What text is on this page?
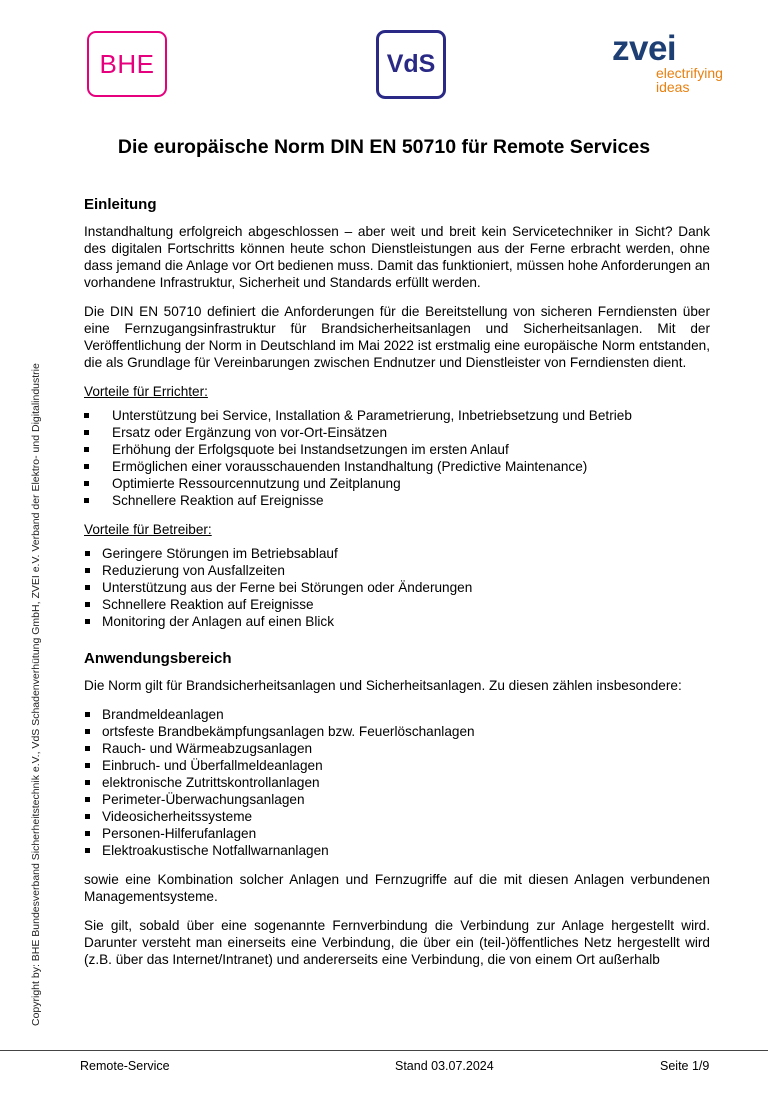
BHE	VdS	zvei
electrifying
ideas
Copyright by: BHE Bundesverband Sicherheitstechnik e.V., VdS Schadenverhütung GmbH, ZVEI e.V. Verband der Elektro- und Digitalindustrie
Die europäische Norm DIN EN 50710 für Remote Services
Einleitung

Instandhaltung erfolgreich abgeschlossen – aber weit und breit kein Servicetechniker in Sicht? Dank des digitalen Fortschritts können heute schon Dienstleistungen aus der Ferne erbracht werden, ohne dass jemand die Anlage vor Ort bedienen muss. Damit das funktioniert, müssen hohe Anforderungen an vorhandene Infrastruktur, Sicherheit und Standards erfüllt werden.

Die DIN EN 50710 definiert die Anforderungen für die Bereitstellung von sicheren Ferndiensten über eine Fernzugangsinfrastruktur für Brandsicherheitsanlagen und Sicherheitsanlagen. Mit der Veröffentlichung der Norm in Deutschland im Mai 2022 ist erstmalig eine europäische Norm entstanden, die als Grundlage für Vereinbarungen zwischen Endnutzer und Dienstleister von Ferndiensten dient.

Vorteile für Errichter:

Unterstützung bei Service, Installation & Parametrierung, Inbetriebsetzung und Betrieb
Ersatz oder Ergänzung von vor-Ort-Einsätzen
Erhöhung der Erfolgsquote bei Instandsetzungen im ersten Anlauf
Ermöglichen einer vorausschauenden Instandhaltung (Predictive Maintenance)
Optimierte Ressourcennutzung und Zeitplanung
Schnellere Reaktion auf Ereignisse

Vorteile für Betreiber:

Geringere Störungen im Betriebsablauf
Reduzierung von Ausfallzeiten
Unterstützung aus der Ferne bei Störungen oder Änderungen
Schnellere Reaktion auf Ereignisse
Monitoring der Anlagen auf einen Blick
Anwendungsbereich

Die Norm gilt für Brandsicherheitsanlagen und Sicherheitsanlagen. Zu diesen zählen insbesondere:

Brandmeldeanlagen
ortsfeste Brandbekämpfungsanlagen bzw. Feuerlöschanlagen
Rauch- und Wärmeabzugsanlagen
Einbruch- und Überfallmeldeanlagen
elektronische Zutrittskontrollanlagen
Perimeter-Überwachungsanlagen
Videosicherheitssysteme
Personen-Hilferufanlagen
Elektroakustische Notfallwarnanlagen

sowie eine Kombination solcher Anlagen und Fernzugriffe auf die mit diesen Anlagen verbundenen Managementsysteme.

Sie gilt, sobald über eine sogenannte Fernverbindung die Verbindung zur Anlage hergestellt wird. Darunter versteht man einerseits eine Verbindung, die über ein (teil-)öffentliches Netz hergestellt wird (z.B. über das Internet/Intranet) und andererseits eine Verbindung, die von einem Ort außerhalb

Remote-Service	Stand 03.07.2024	Seite 1/9
